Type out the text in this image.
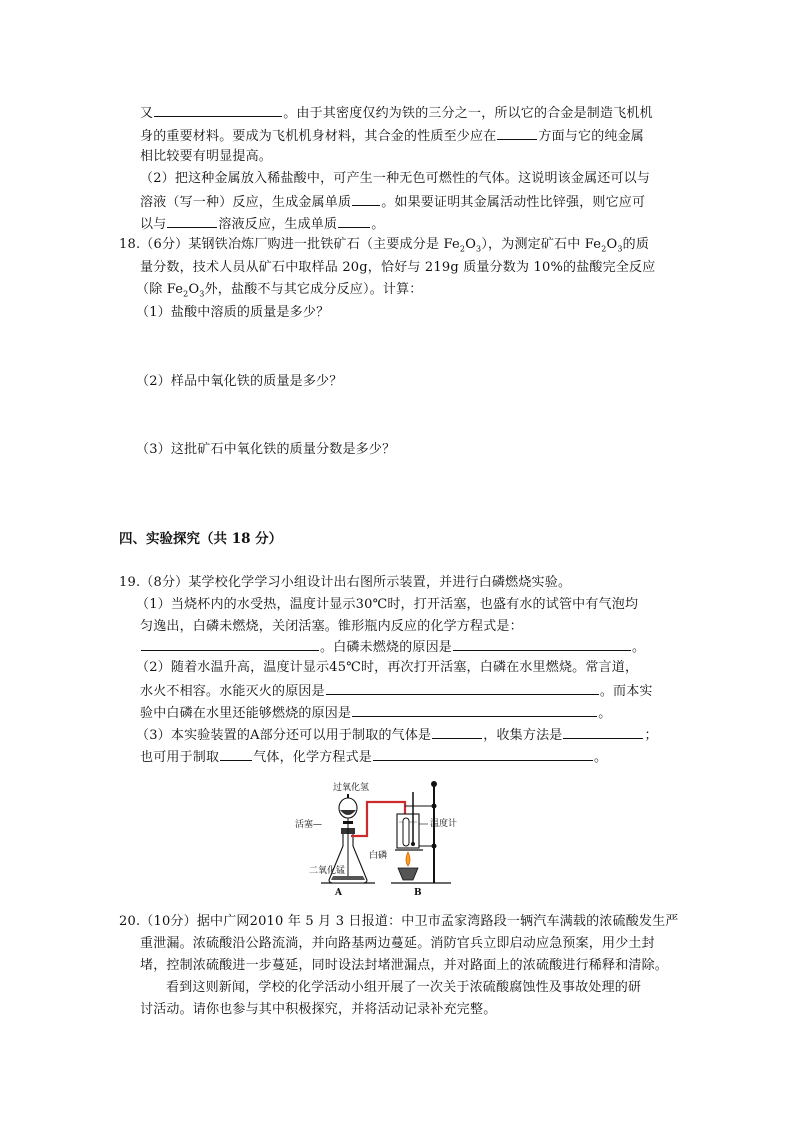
又	。由于其密度仅约为铁的三分之一，所以它的合金是制造飞机机
身的重要材料。要成为飞机机身材料，其合金的性质至少应在	方面与它的纯金属
相比较要有明显提高。
（2）把这种金属放入稀盐酸中，可产生一种无色可燃性的气体。这说明该金属还可以与
溶液（写一种）反应，生成金属单质 。如果要证明其金属活动性比锌强，则它应可
以与	溶液反应，生成单质	。
18.（6分）某钢铁冶炼厂购进一批铁矿石（主要成分是 $Fe_2O_3$），为测定矿石中 $Fe_2O_3$的质
量分数，技术人员从矿石中取样品 20g，恰好与 219g 质量分数为 10%的盐酸完全反应
（除 $Fe_2O_3$外，盐酸不与其它成分反应）。计算：
（1）盐酸中溶质的质量是多少？
（2）样品中氧化铁的质量是多少？
（3）这批矿石中氧化铁的质量分数是多少？
四、实验探究（共 18 分）
19.（8分）某学校化学学习小组设计出右图所示装置，并进行白磷燃烧实验。
（1）当烧杯内的水受热，温度计显示30℃时，打开活塞，也盛有水的试管中有气泡均
匀逸出，白磷未燃烧，关闭活塞。锥形瓶内反应的化学方程式是：
。白磷未燃烧的原因是	。
（2）随着水温升高，温度计显示45℃时，再次打开活塞，白磷在水里燃烧。常言道，
水火不相容。水能灭火的原因是	。而本实
验中白磷在水里还能够燃烧的原因是	。
（3）本实验装置的A部分还可以用于制取的气体是	，收集方法是	；
也可用于制取	气体，化学方程式是	。
过氧化氢
活塞—
白磷
二氧化锰
温度计
A	B
20.（10分）据中广网2010 年 5 月 3 日报道：中卫市孟家湾路段一辆汽车满载的浓硫酸发生严
重泄漏。浓硫酸沿公路流淌，并向路基两边蔓延。消防官兵立即启动应急预案，用少土封
堵，控制浓硫酸进一步蔓延，同时设法封堵泄漏点，并对路面上的浓硫酸进行稀释和清除。
看到这则新闻，学校的化学活动小组开展了一次关于浓硫酸腐蚀性及事故处理的研
讨活动。请你也参与其中积极探究，并将活动记录补充完整。
